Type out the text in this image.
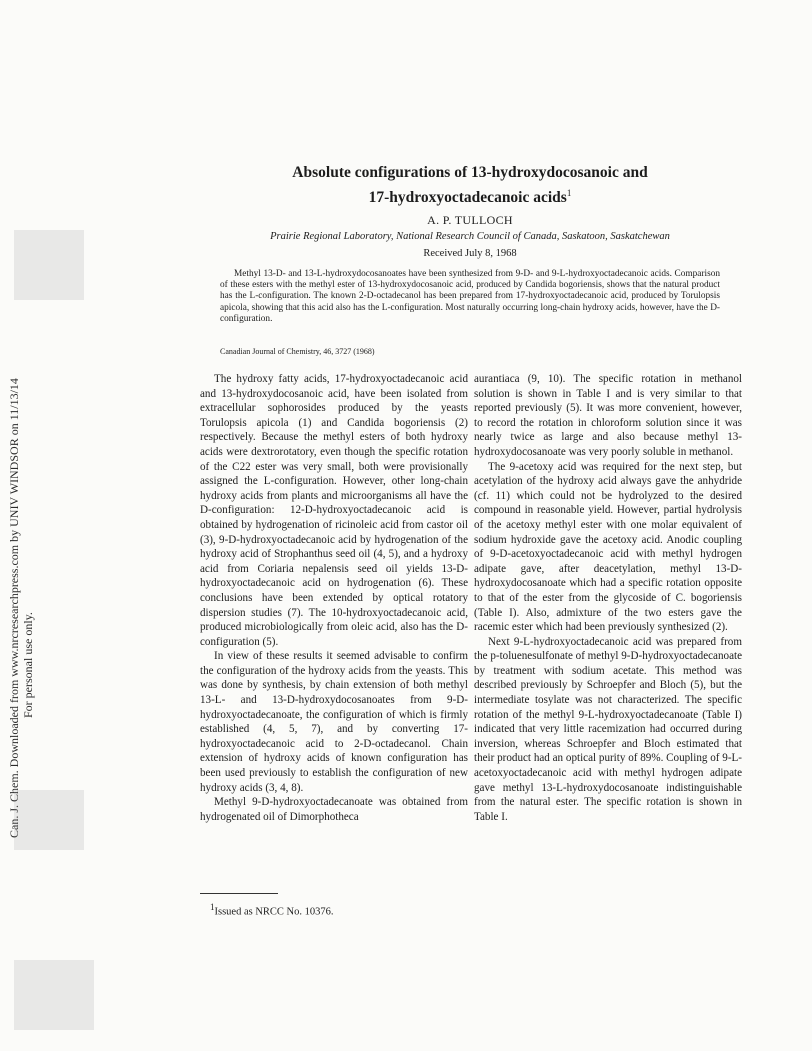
Can. J. Chem. Downloaded from www.nrcresearchpress.com by UNIV WINDSOR on 11/13/14 For personal use only.
Absolute configurations of 13-hydroxydocosanoic and
17-hydroxyoctadecanoic acids$^1$
A. P. TULLOCH
Prairie Regional Laboratory, National Research Council of Canada, Saskatoon, Saskatchewan
Received July 8, 1968

Methyl 13-D- and 13-L-hydroxydocosanoates have been synthesized from 9-D- and 9-L-hydroxyoctadecanoic acids. Comparison of these esters with the methyl ester of 13-hydroxydocosanoic acid, produced by Candida bogoriensis, shows that the natural product has the L-configuration. The known 2-D-octadecanol has been prepared from 17-hydroxyoctadecanoic acid, produced by Torulopsis apicola, showing that this acid also has the L-configuration. Most naturally occurring long-chain hydroxy acids, however, have the D-configuration.

Canadian Journal of Chemistry, 46, 3727 (1968)

The hydroxy fatty acids, 17-hydroxyoctadecanoic acid and 13-hydroxydocosanoic acid, have been isolated from extracellular sophorosides produced by the yeasts Torulopsis apicola (1) and Candida bogoriensis (2) respectively. Because the methyl esters of both hydroxy acids were dextrorotatory, even though the specific rotation of the C22 ester was very small, both were provisionally assigned the L-configuration. However, other long-chain hydroxy acids from plants and microorganisms all have the D-configuration: 12-D-hydroxyoctadecanoic acid is obtained by hydrogenation of ricinoleic acid from castor oil (3), 9-D-hydroxyoctadecanoic acid by hydrogenation of the hydroxy acid of Strophanthus seed oil (4, 5), and a hydroxy acid from Coriaria nepalensis seed oil yields 13-D-hydroxyoctadecanoic acid on hydrogenation (6). These conclusions have been extended by optical rotatory dispersion studies (7). The 10-hydroxyoctadecanoic acid, produced microbiologically from oleic acid, also has the D-configuration (5).

In view of these results it seemed advisable to confirm the configuration of the hydroxy acids from the yeasts. This was done by synthesis, by chain extension of both methyl 13-L- and 13-D-hydroxydocosanoates from 9-D-hydroxyoctadecanoate, the configuration of which is firmly established (4, 5, 7), and by converting 17-hydroxyoctadecanoic acid to 2-D-octadecanol. Chain extension of hydroxy acids of known configuration has been used previously to establish the configuration of new hydroxy acids (3, 4, 8).

Methyl 9-D-hydroxyoctadecanoate was obtained from hydrogenated oil of Dimorphotheca

aurantiaca (9, 10). The specific rotation in methanol solution is shown in Table I and is very similar to that reported previously (5). It was more convenient, however, to record the rotation in chloroform solution since it was nearly twice as large and also because methyl 13-hydroxydocosanoate was very poorly soluble in methanol.

The 9-acetoxy acid was required for the next step, but acetylation of the hydroxy acid always gave the anhydride (cf. 11) which could not be hydrolyzed to the desired compound in reasonable yield. However, partial hydrolysis of the acetoxy methyl ester with one molar equivalent of sodium hydroxide gave the acetoxy acid. Anodic coupling of 9-D-acetoxyoctadecanoic acid with methyl hydrogen adipate gave, after deacetylation, methyl 13-D-hydroxydocosanoate which had a specific rotation opposite to that of the ester from the glycoside of C. bogoriensis (Table I). Also, admixture of the two esters gave the racemic ester which had been previously synthesized (2).

Next 9-L-hydroxyoctadecanoic acid was prepared from the p-toluenesulfonate of methyl 9-D-hydroxyoctadecanoate by treatment with sodium acetate. This method was described previously by Schroepfer and Bloch (5), but the intermediate tosylate was not characterized. The specific rotation of the methyl 9-L-hydroxyoctadecanoate (Table I) indicated that very little racemization had occurred during inversion, whereas Schroepfer and Bloch estimated that their product had an optical purity of 89%. Coupling of 9-L-acetoxyoctadecanoic acid with methyl hydrogen adipate gave methyl 13-L-hydroxydocosanoate indistinguishable from the natural ester. The specific rotation is shown in Table I.

$^1$Issued as NRCC No. 10376.
